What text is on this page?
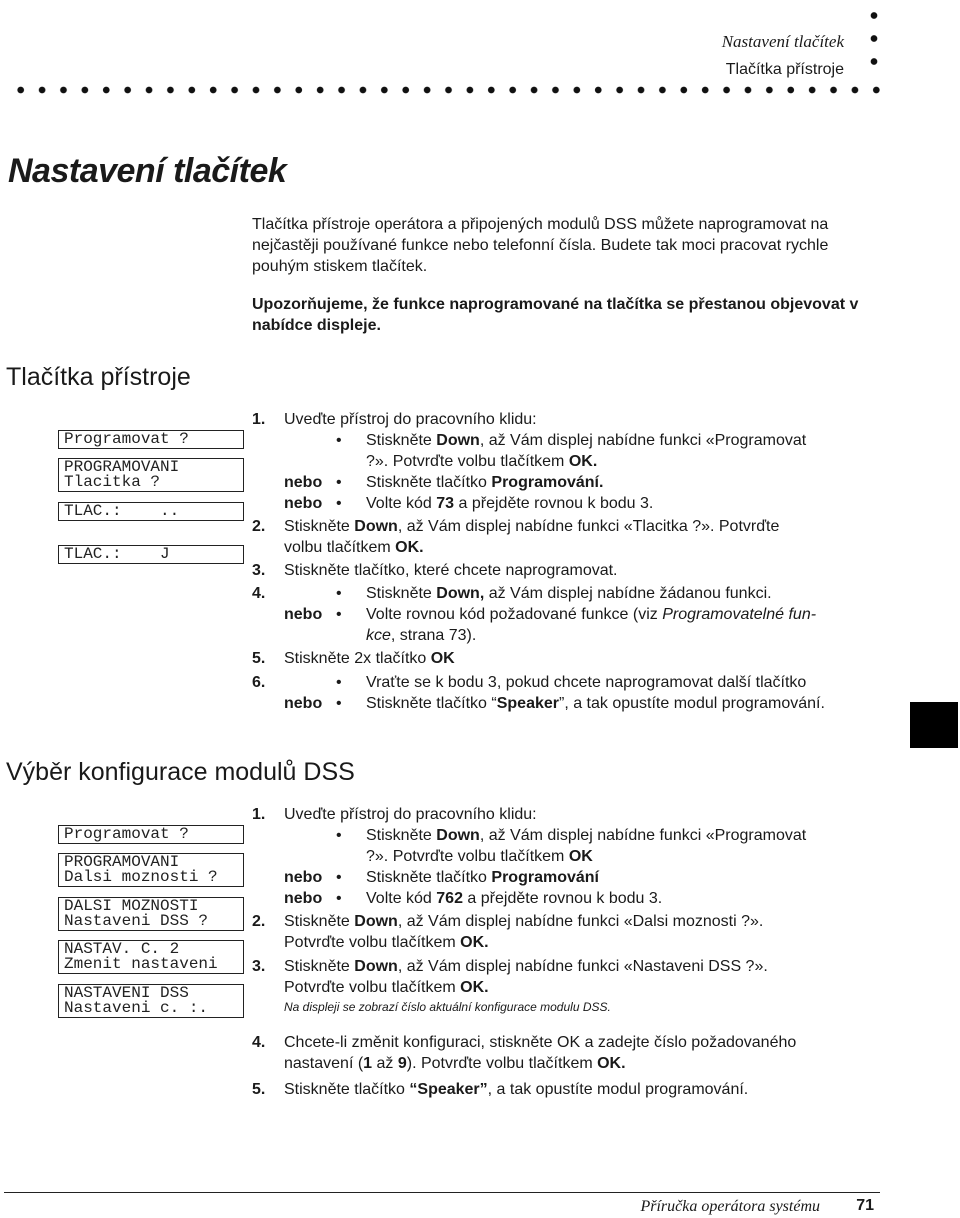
Nastavení tlačítek
Tlačítka přístroje
Nastavení tlačítek

Tlačítka přístroje operátora a připojených modulů DSS můžete naprogramovat na nejčastěji používané funkce nebo telefonní čísla. Budete tak moci pracovat rychle pouhým stiskem tlačítek.

Upozorňujeme, že funkce naprogramované na tlačítka se přestanou objevovat v nabídce displeje.
Tlačítka přístroje
Programovat ?
PROGRAMOVANI
Tlacitka ?
TLAC.:    ..
TLAC.:    J
1. Uveďte přístroj do pracovního klidu:
• Stiskněte Down, až Vám displej nabídne funkci «Programovat
?». Potvrďte volbu tlačítkem OK.
nebo • Stiskněte tlačítko Programování.
nebo • Volte kód 73 a přejděte rovnou k bodu 3.
2. Stiskněte Down, až Vám displej nabídne funkci «Tlacitka ?». Potvrďte
volbu tlačítkem OK.
3. Stiskněte tlačítko, které chcete naprogramovat.
4.	• Stiskněte Down, až Vám displej nabídne žádanou funkci.
nebo • Volte rovnou kód požadované funkce (viz Programovatelné fun-
kce, strana 73).
5. Stiskněte 2x tlačítko OK
6.	• Vraťte se k bodu 3, pokud chcete naprogramovat další tlačítko
nebo • Stiskněte tlačítko “Speaker”, a tak opustíte modul programování.
Výběr konfigurace modulů DSS
Programovat ?
PROGRAMOVANI
Dalsi moznosti ?
DALSI MOZNOSTI
Nastaveni DSS ?
NASTAV. C. 2
Zmenit nastaveni
NASTAVENI DSS
Nastaveni c. :.
1. Uveďte přístroj do pracovního klidu:
• Stiskněte Down, až Vám displej nabídne funkci «Programovat
?». Potvrďte volbu tlačítkem OK
nebo • Stiskněte tlačítko Programování
nebo • Volte kód 762 a přejděte rovnou k bodu 3.
2. Stiskněte Down, až Vám displej nabídne funkci «Dalsi moznosti ?».
Potvrďte volbu tlačítkem OK.
3. Stiskněte Down, až Vám displej nabídne funkci «Nastaveni DSS ?».
Potvrďte volbu tlačítkem OK.
Na displeji se zobrazí číslo aktuální konfigurace modulu DSS.
4. Chcete-li změnit konfiguraci, stiskněte OK a zadejte číslo požadovaného
nastavení (1 až 9). Potvrďte volbu tlačítkem OK.
5. Stiskněte tlačítko “Speaker”, a tak opustíte modul programování.
Příručka operátora systému 71
